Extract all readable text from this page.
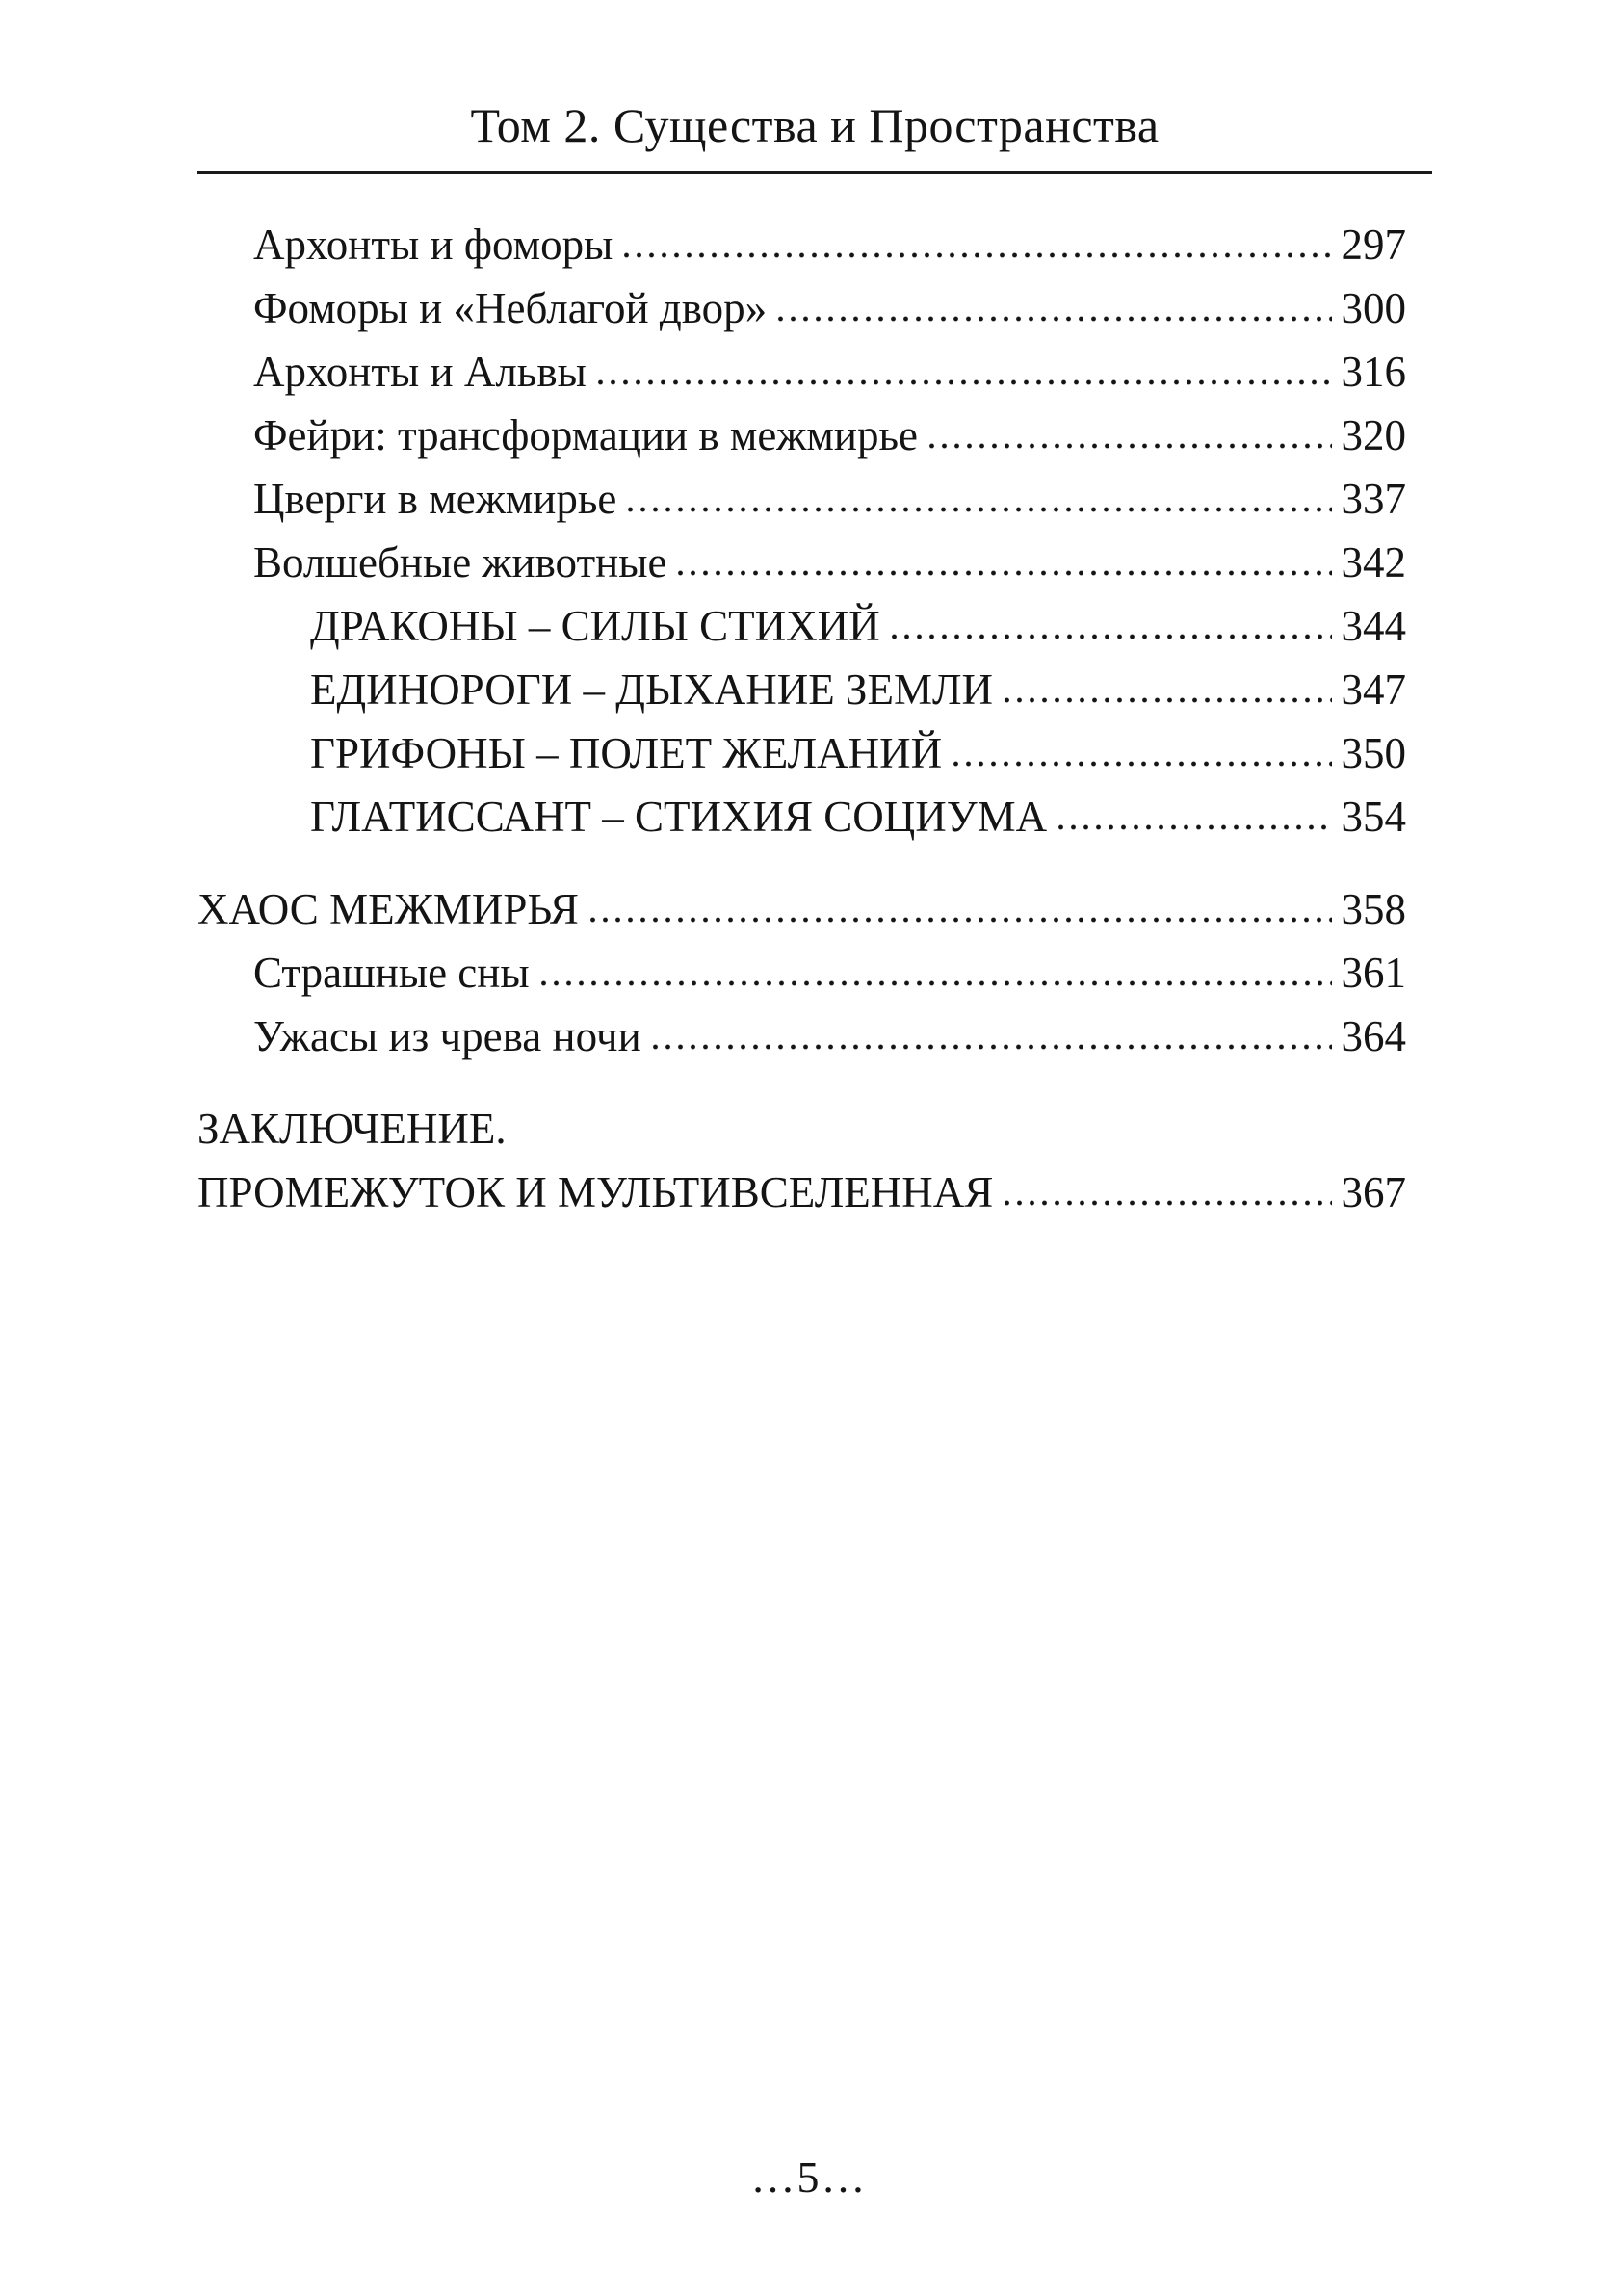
Том 2. Существа и Пространства
Архонты и фоморы	297
Фоморы и «Неблагой двор»	300
Архонты и Альвы	316
Фейри: трансформации в межмирье	320
Цверги в межмирье	337
Волшебные животные	342
ДРАКОНЫ – СИЛЫ СТИХИЙ	344
ЕДИНОРОГИ – ДЫХАНИЕ ЗЕМЛИ	347
ГРИФОНЫ – ПОЛЕТ ЖЕЛАНИЙ	350
ГЛАТИССАНТ – СТИХИЯ СОЦИУМА	354
ХАОС МЕЖМИРЬЯ	358
Страшные сны	361
Ужасы из чрева ночи	364
ЗАКЛЮЧЕНИЕ.
ПРОМЕЖУТОК И МУЛЬТИВСЕЛЕННАЯ	367
…5…
